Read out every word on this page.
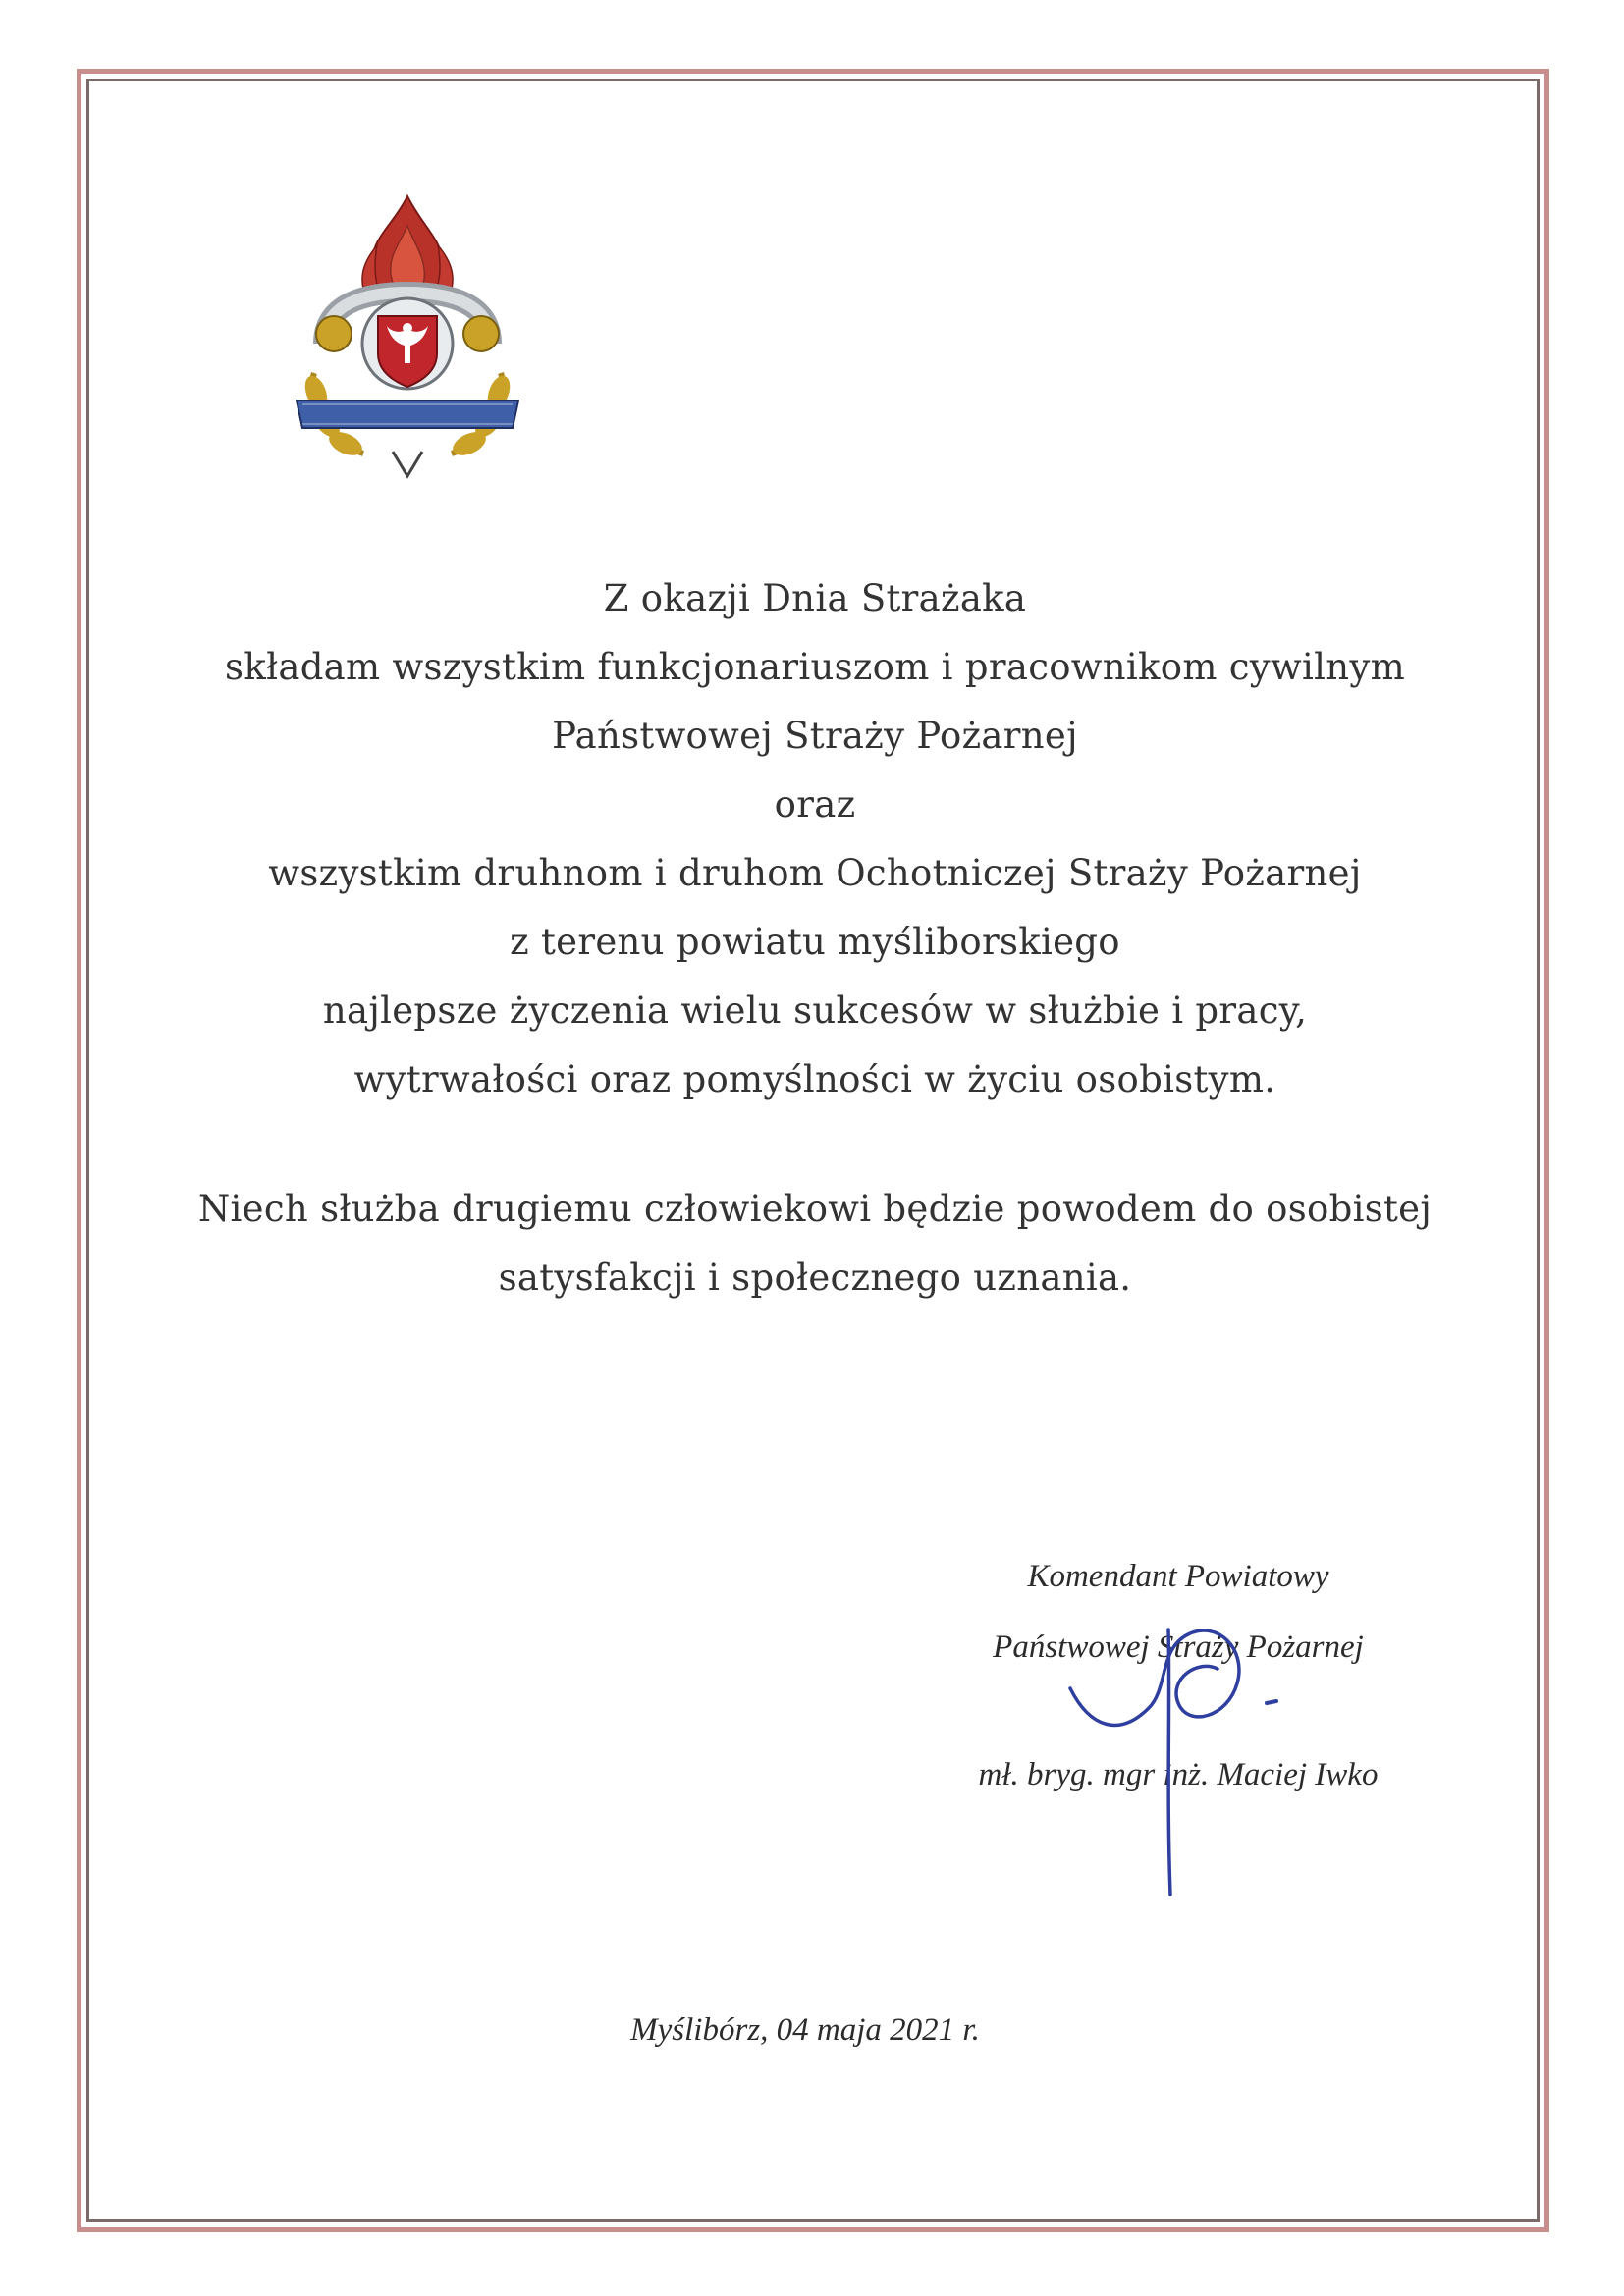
Z okazji Dnia Strażaka
składam wszystkim funkcjonariuszom i pracownikom cywilnym
Państwowej Straży Pożarnej
oraz
wszystkim druhnom i druhom Ochotniczej Straży Pożarnej
z terenu powiatu myśliborskiego
najlepsze życzenia wielu sukcesów w służbie i pracy,
wytrwałości oraz pomyślności w życiu osobistym.
Niech służba drugiemu człowiekowi będzie powodem do osobistej
satysfakcji i społecznego uznania.
Komendant Powiatowy
Państwowej Straży Pożarnej
mł. bryg. mgr inż. Maciej Iwko
Myślibórz, 04 maja 2021 r.
